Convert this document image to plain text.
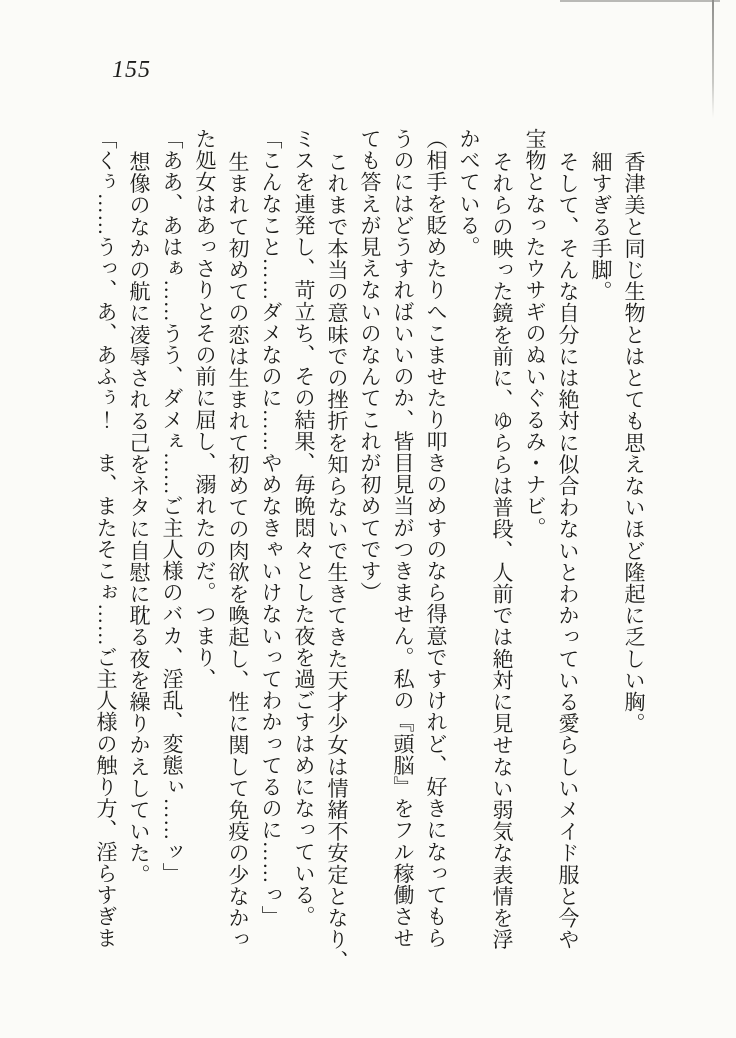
155
香津美と同じ生物とはとても思えないほど隆起に乏しい胸。
細すぎる手脚。
そして、そんな自分には絶対に似合わないとわかっている愛らしいメイド服と今や
宝物となったウサギのぬいぐるみ・ナビ。
それらの映った鏡を前に、ゆららは普段、人前では絶対に見せない弱気な表情を浮
かべている。
（相手を貶めたりへこませたり叩きのめすのなら得意ですけれど、好きになってもら
うのにはどうすればいいのか、皆目見当がつきません。私の『頭脳』をフル稼働させ
ても答えが見えないのなんてこれが初めてです）
これまで本当の意味での挫折を知らないで生きてきた天才少女は情緒不安定となり、
ミスを連発し、苛立ち、その結果、毎晩悶々とした夜を過ごすはめになっている。
「こんなこと……ダメなのに……やめなきゃいけないってわかってるのに……っ」
生まれて初めての恋は生まれて初めての肉欲を喚起し、性に関して免疫の少なかっ
た処女はあっさりとその前に屈し、溺れたのだ。つまり、
「ああ、あはぁ……うう、ダメぇ……ご主人様のバカ、淫乱、変態ぃ……ッ」
想像のなかの航に凌辱される己をネタに自慰に耽る夜を繰りかえしていた。
「くぅ……うっ、あ、あふぅ！　ま、またそこぉ……ご主人様の触り方、淫らすぎま
